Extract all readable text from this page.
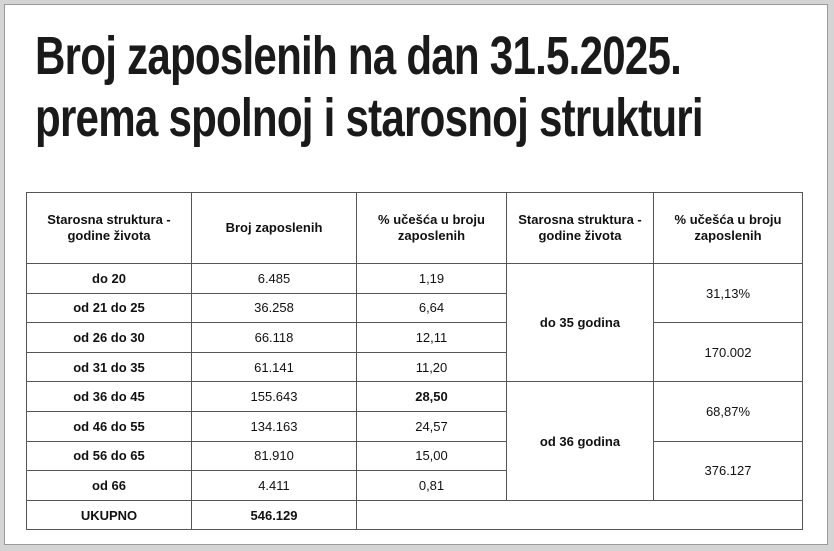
Broj zaposlenih na dan 31.5.2025.
prema spolnoj i starosnoj strukturi
Starosna struktura - godine života	Broj zaposlenih	% učešća u broju zaposlenih	Starosna struktura - godine života	% učešća u broju zaposlenih
do 20	6.485	1,19	do 35 godina	31,13%
od 21 do 25	36.258	6,64		
od 26 do 30	66.118	12,11		170.002
od 31 do 35	61.141	11,20		
od 36 do 45	155.643	28,50	od 36 godina	68,87%
od 46 do 55	134.163	24,57		
od 56 do 65	81.910	15,00		376.127
od 66	4.411	0,81		
UKUPNO	546.129			
